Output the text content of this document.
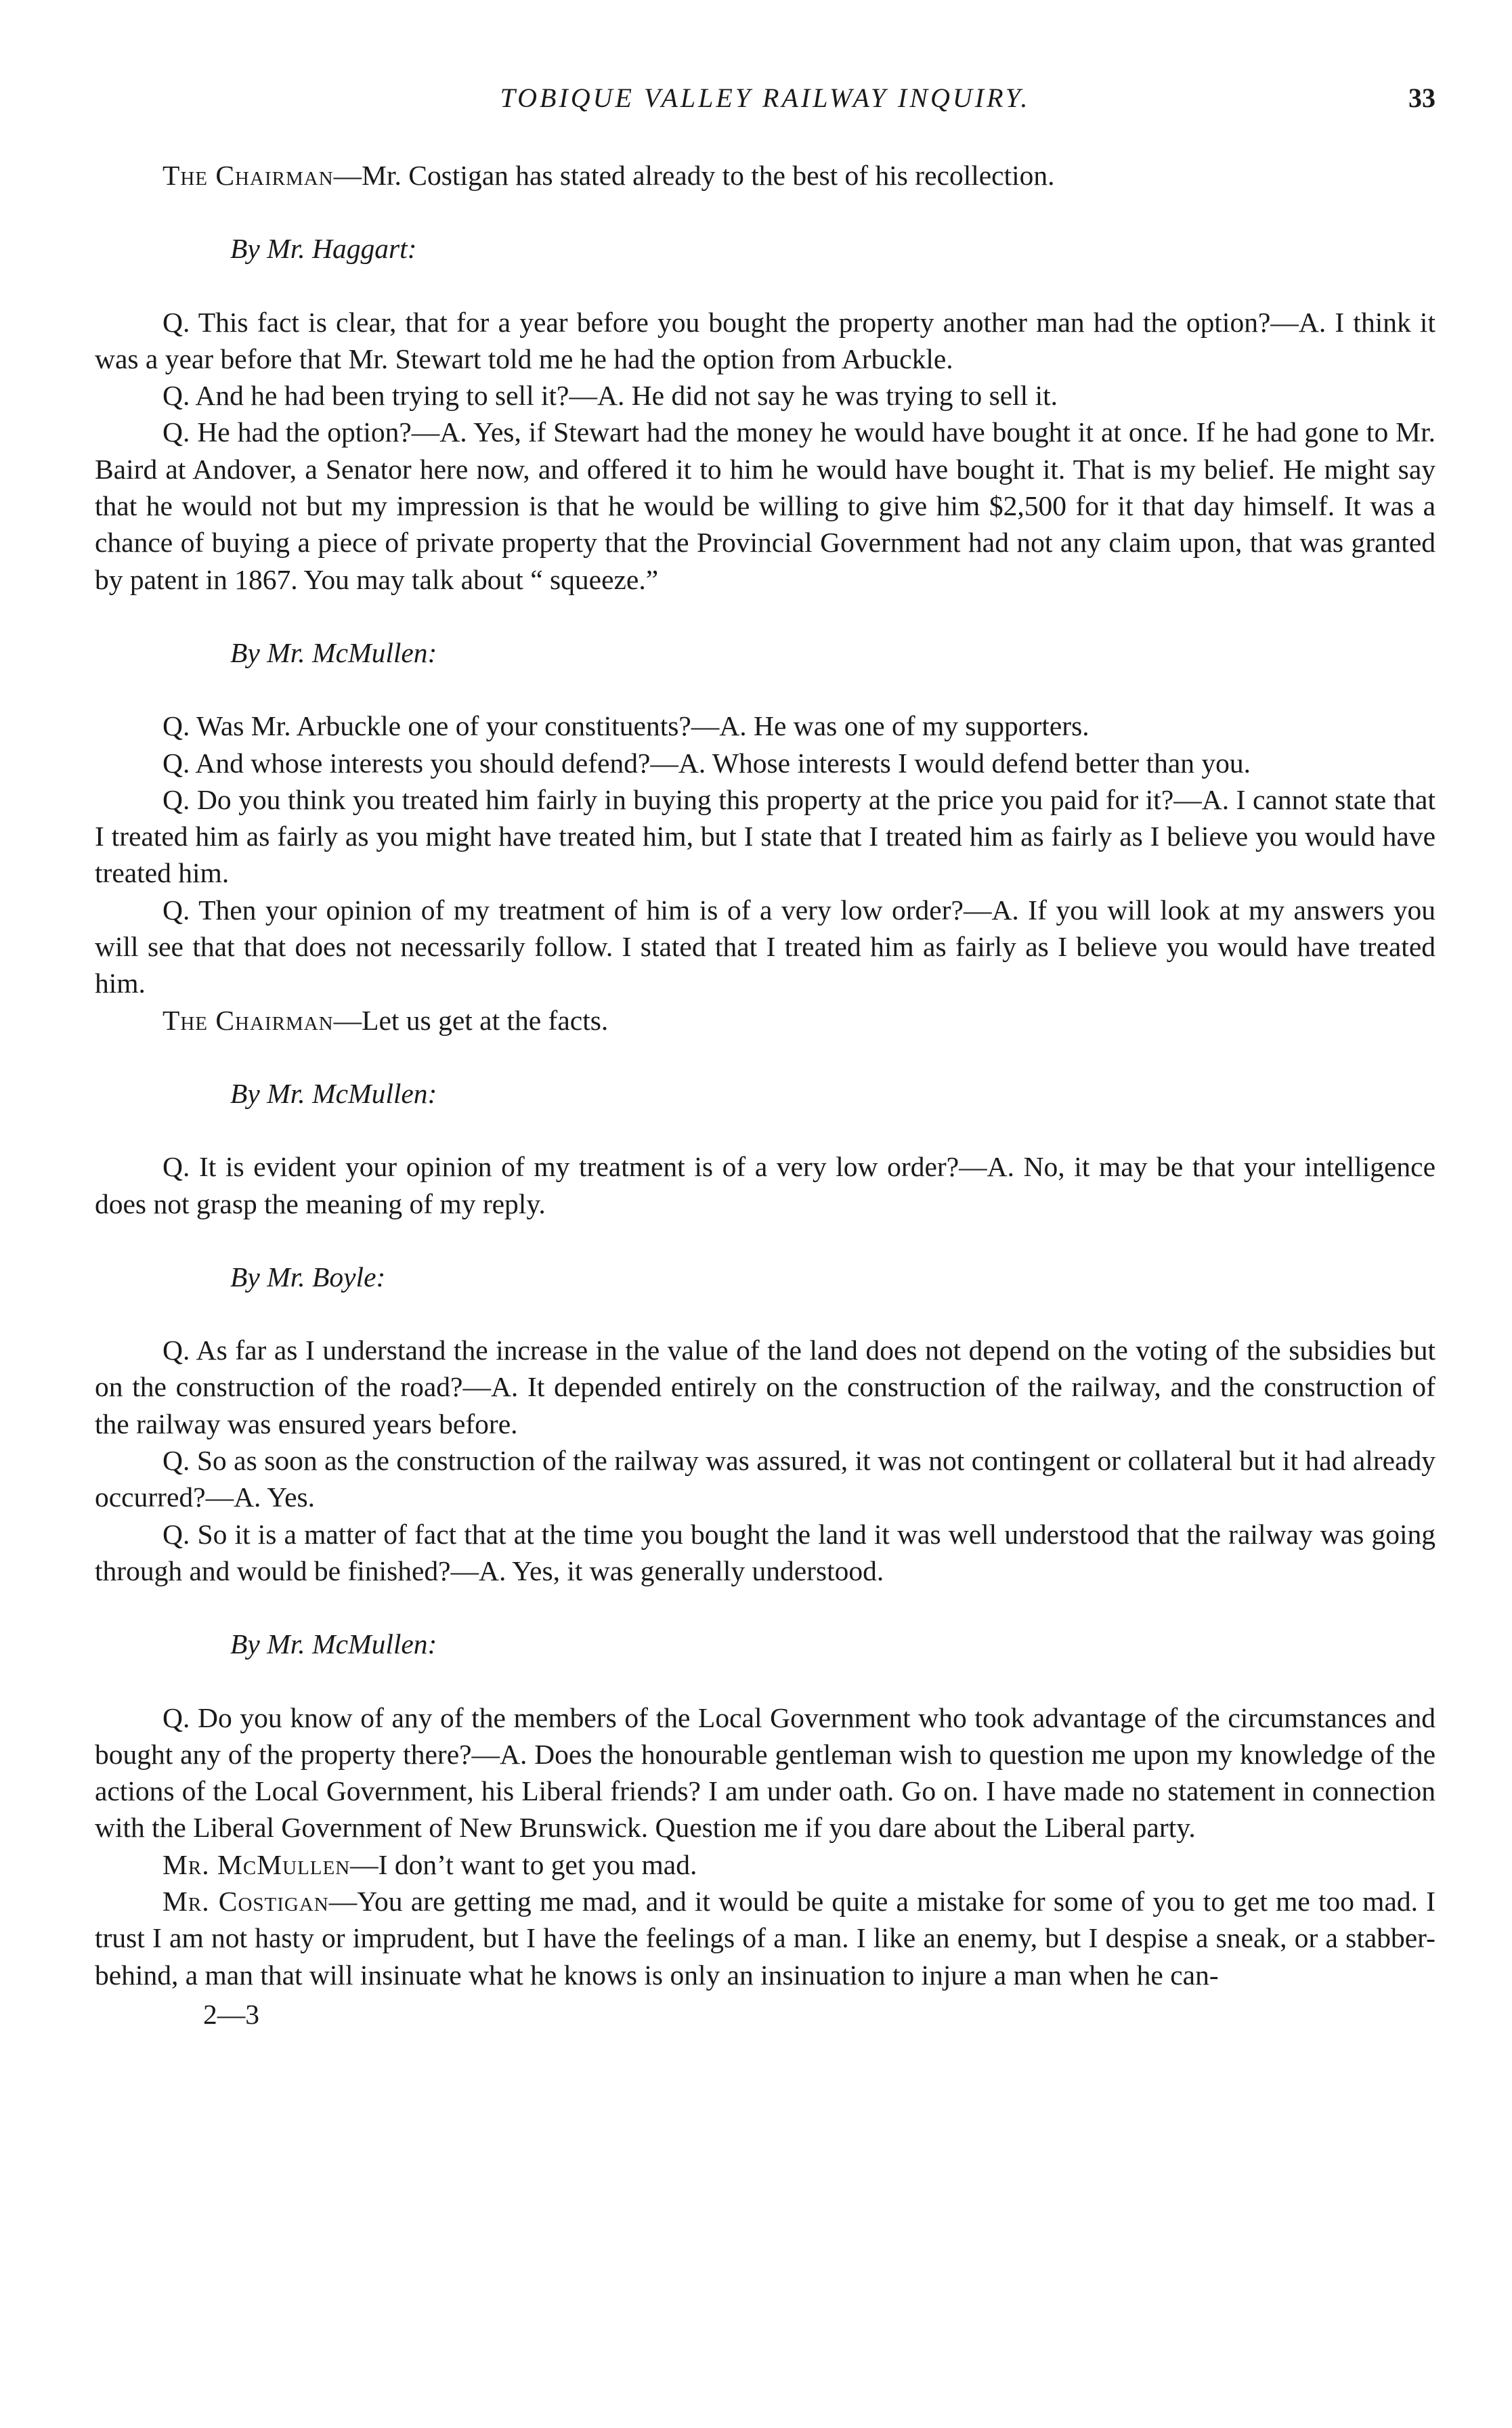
TOBIQUE VALLEY RAILWAY INQUIRY.	33

The Chairman—Mr. Costigan has stated already to the best of his recollection.

By Mr. Haggart:

Q. This fact is clear, that for a year before you bought the property another man had the option?—A. I think it was a year before that Mr. Stewart told me he had the option from Arbuckle.

Q. And he had been trying to sell it?—A. He did not say he was trying to sell it.

Q. He had the option?—A. Yes, if Stewart had the money he would have bought it at once. If he had gone to Mr. Baird at Andover, a Senator here now, and offered it to him he would have bought it. That is my belief. He might say that he would not but my impression is that he would be willing to give him $2,500 for it that day himself. It was a chance of buying a piece of private property that the Provincial Government had not any claim upon, that was granted by patent in 1867. You may talk about “ squeeze.”

By Mr. McMullen:

Q. Was Mr. Arbuckle one of your constituents?—A. He was one of my supporters.

Q. And whose interests you should defend?—A. Whose interests I would defend better than you.

Q. Do you think you treated him fairly in buying this property at the price you paid for it?—A. I cannot state that I treated him as fairly as you might have treated him, but I state that I treated him as fairly as I believe you would have treated him.

Q. Then your opinion of my treatment of him is of a very low order?—A. If you will look at my answers you will see that that does not necessarily follow. I stated that I treated him as fairly as I believe you would have treated him.

The Chairman—Let us get at the facts.

By Mr. McMullen:

Q. It is evident your opinion of my treatment is of a very low order?—A. No, it may be that your intelligence does not grasp the meaning of my reply.

By Mr. Boyle:

Q. As far as I understand the increase in the value of the land does not depend on the voting of the subsidies but on the construction of the road?—A. It depended entirely on the construction of the railway, and the construction of the railway was ensured years before.

Q. So as soon as the construction of the railway was assured, it was not contingent or collateral but it had already occurred?—A. Yes.

Q. So it is a matter of fact that at the time you bought the land it was well understood that the railway was going through and would be finished?—A. Yes, it was generally understood.

By Mr. McMullen:

Q. Do you know of any of the members of the Local Government who took advantage of the circumstances and bought any of the property there?—A. Does the honourable gentleman wish to question me upon my knowledge of the actions of the Local Government, his Liberal friends? I am under oath. Go on. I have made no statement in connection with the Liberal Government of New Brunswick. Question me if you dare about the Liberal party.

Mr. McMullen—I don’t want to get you mad.

Mr. Costigan—You are getting me mad, and it would be quite a mistake for some of you to get me too mad. I trust I am not hasty or imprudent, but I have the feelings of a man. I like an enemy, but I despise a sneak, or a stabber-behind, a man that will insinuate what he knows is only an insinuation to injure a man when he can-

2—3
